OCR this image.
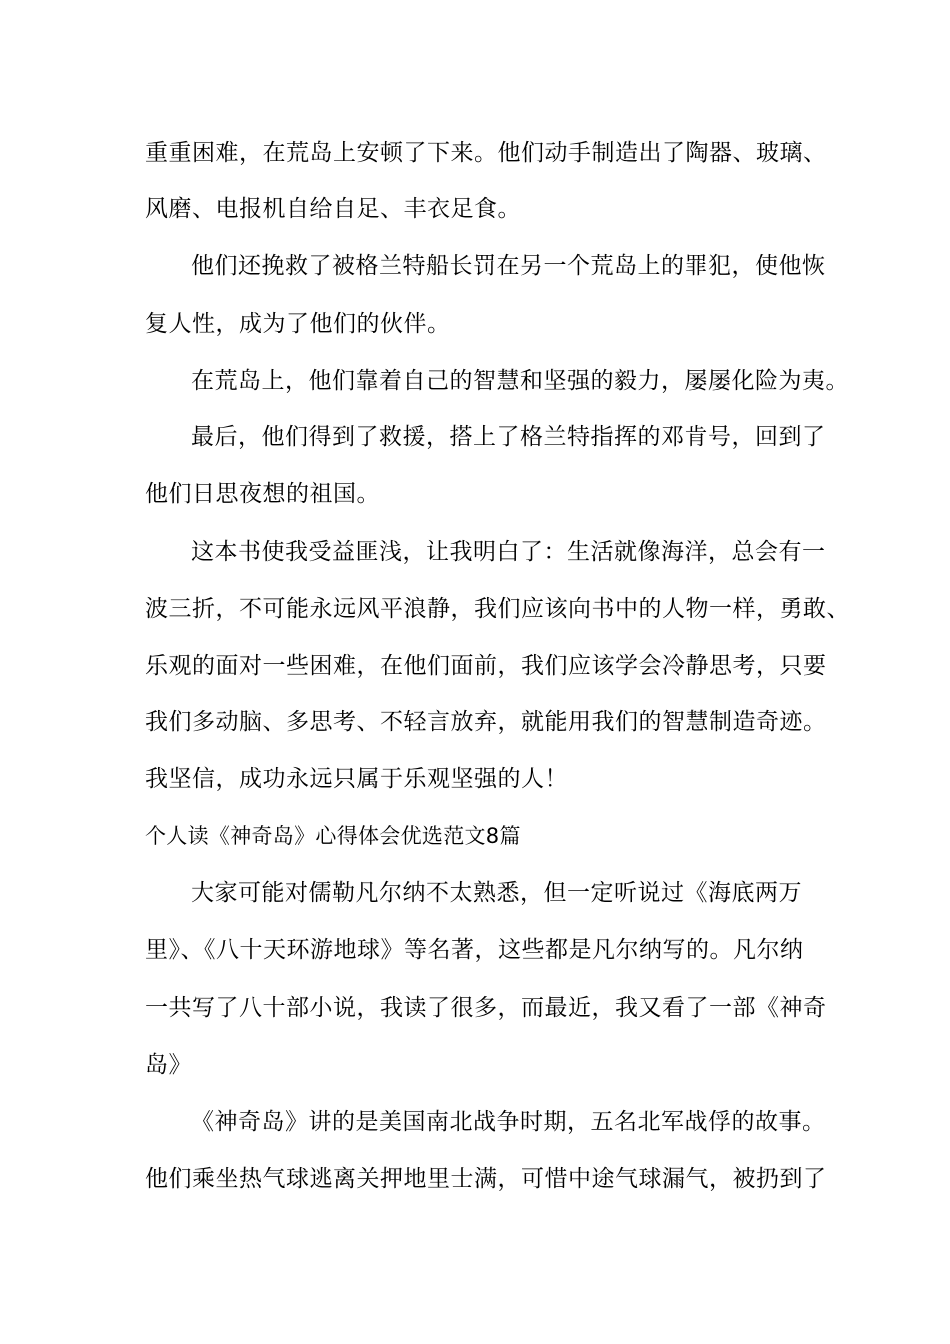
重重困难，在荒岛上安顿了下来。他们动手制造出了陶器、玻璃、
风磨、电报机自给自足、丰衣足食。
他们还挽救了被格兰特船长罚在另一个荒岛上的罪犯，使他恢
复人性，成为了他们的伙伴。
在荒岛上，他们靠着自己的智慧和坚强的毅力，屡屡化险为夷。
最后，他们得到了救援，搭上了格兰特指挥的邓肯号，回到了
他们日思夜想的祖国。
这本书使我受益匪浅，让我明白了：生活就像海洋，总会有一
波三折，不可能永远风平浪静，我们应该向书中的人物一样，勇敢、
乐观的面对一些困难，在他们面前，我们应该学会冷静思考，只要
我们多动脑、多思考、不轻言放弃，就能用我们的智慧制造奇迹。
我坚信，成功永远只属于乐观坚强的人！
个人读《神奇岛》心得体会优选范文8篇
大家可能对儒勒凡尔纳不太熟悉，但一定听说过《海底两万
里》、《八十天环游地球》等名著，这些都是凡尔纳写的。凡尔纳
一共写了八十部小说，我读了很多，而最近，我又看了一部《神奇
岛》
《神奇岛》讲的是美国南北战争时期，五名北军战俘的故事。
他们乘坐热气球逃离关押地里士满，可惜中途气球漏气，被扔到了
